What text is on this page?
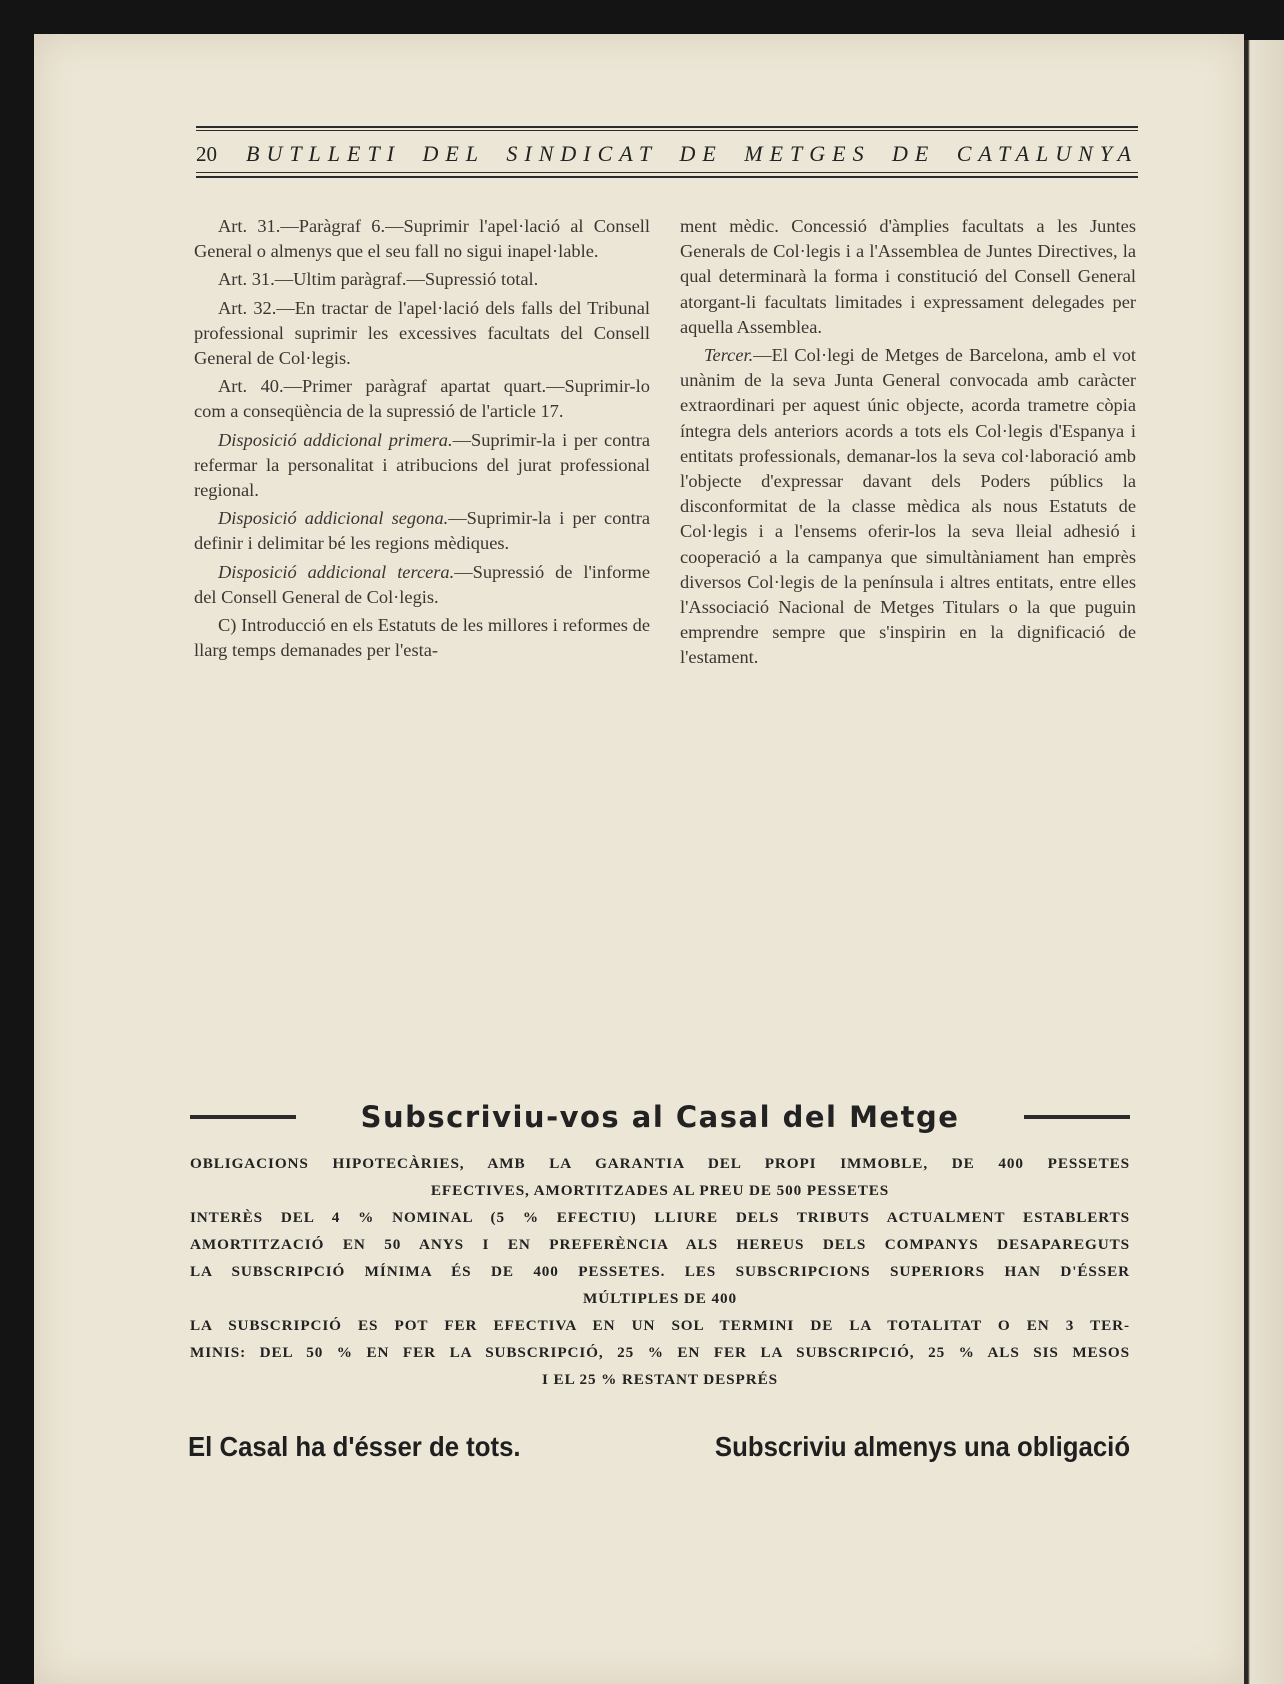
20	BUTLLETI DEL SINDICAT DE METGES DE CATALUNYA

Art. 31.—Paràgraf 6.—Suprimir l'apel·lació al Consell General o almenys que el seu fall no sigui inapel·lable.

Art. 31.—Ultim paràgraf.—Supressió total.

Art. 32.—En tractar de l'apel·lació dels falls del Tribunal professional suprimir les excessives facultats del Consell General de Col·legis.

Art. 40.—Primer paràgraf apartat quart.—Suprimir-lo com a conseqüència de la supressió de l'article 17.

Disposició addicional primera.—Suprimir-la i per contra refermar la personalitat i atribucions del jurat professional regional.

Disposició addicional segona.—Suprimir-la i per contra definir i delimitar bé les regions mèdiques.

Disposició addicional tercera.—Supressió de l'informe del Consell General de Col·legis.

C) Introducció en els Estatuts de les millores i reformes de llarg temps demanades per l'esta-

ment mèdic. Concessió d'àmplies facultats a les Juntes Generals de Col·legis i a l'Assemblea de Juntes Directives, la qual determinarà la forma i constitució del Consell General atorgant-li facultats limitades i expressament delegades per aquella Assemblea.

Tercer.—El Col·legi de Metges de Barcelona, amb el vot unànim de la seva Junta General convocada amb caràcter extraordinari per aquest únic objecte, acorda trametre còpia íntegra dels anteriors acords a tots els Col·legis d'Espanya i entitats professionals, demanar-los la seva col·laboració amb l'objecte d'expressar davant dels Poders públics la disconformitat de la classe mèdica als nous Estatuts de Col·legis i a l'ensems oferir-los la seva lleial adhesió i cooperació a la campanya que simultàniament han emprès diversos Col·legis de la península i altres entitats, entre elles l'Associació Nacional de Metges Titulars o la que puguin emprendre sempre que s'inspirin en la dignificació de l'estament.

Subscriviu-vos al Casal del Metge
OBLIGACIONS HIPOTECÀRIES, AMB LA GARANTIA DEL PROPI IMMOBLE, DE 400 PESSETES
EFECTIVES, AMORTITZADES AL PREU DE 500 PESSETES
INTERÈS DEL 4 % NOMINAL (5 % EFECTIU) LLIURE DELS TRIBUTS ACTUALMENT ESTABLERTS
AMORTITZACIÓ EN 50 ANYS I EN PREFERÈNCIA ALS HEREUS DELS COMPANYS DESAPAREGUTS
LA SUBSCRIPCIÓ MÍNIMA ÉS DE 400 PESSETES. LES SUBSCRIPCIONS SUPERIORS HAN D'ÉSSER
MÚLTIPLES DE 400
LA SUBSCRIPCIÓ ES POT FER EFECTIVA EN UN SOL TERMINI DE LA TOTALITAT O EN 3 TER-
MINIS: DEL 50 % EN FER LA SUBSCRIPCIÓ, 25 % EN FER LA SUBSCRIPCIÓ, 25 % ALS SIS MESOS
I EL 25 % RESTANT DESPRÉS
El Casal ha d'ésser de tots.	Subscriviu almenys una obligació
